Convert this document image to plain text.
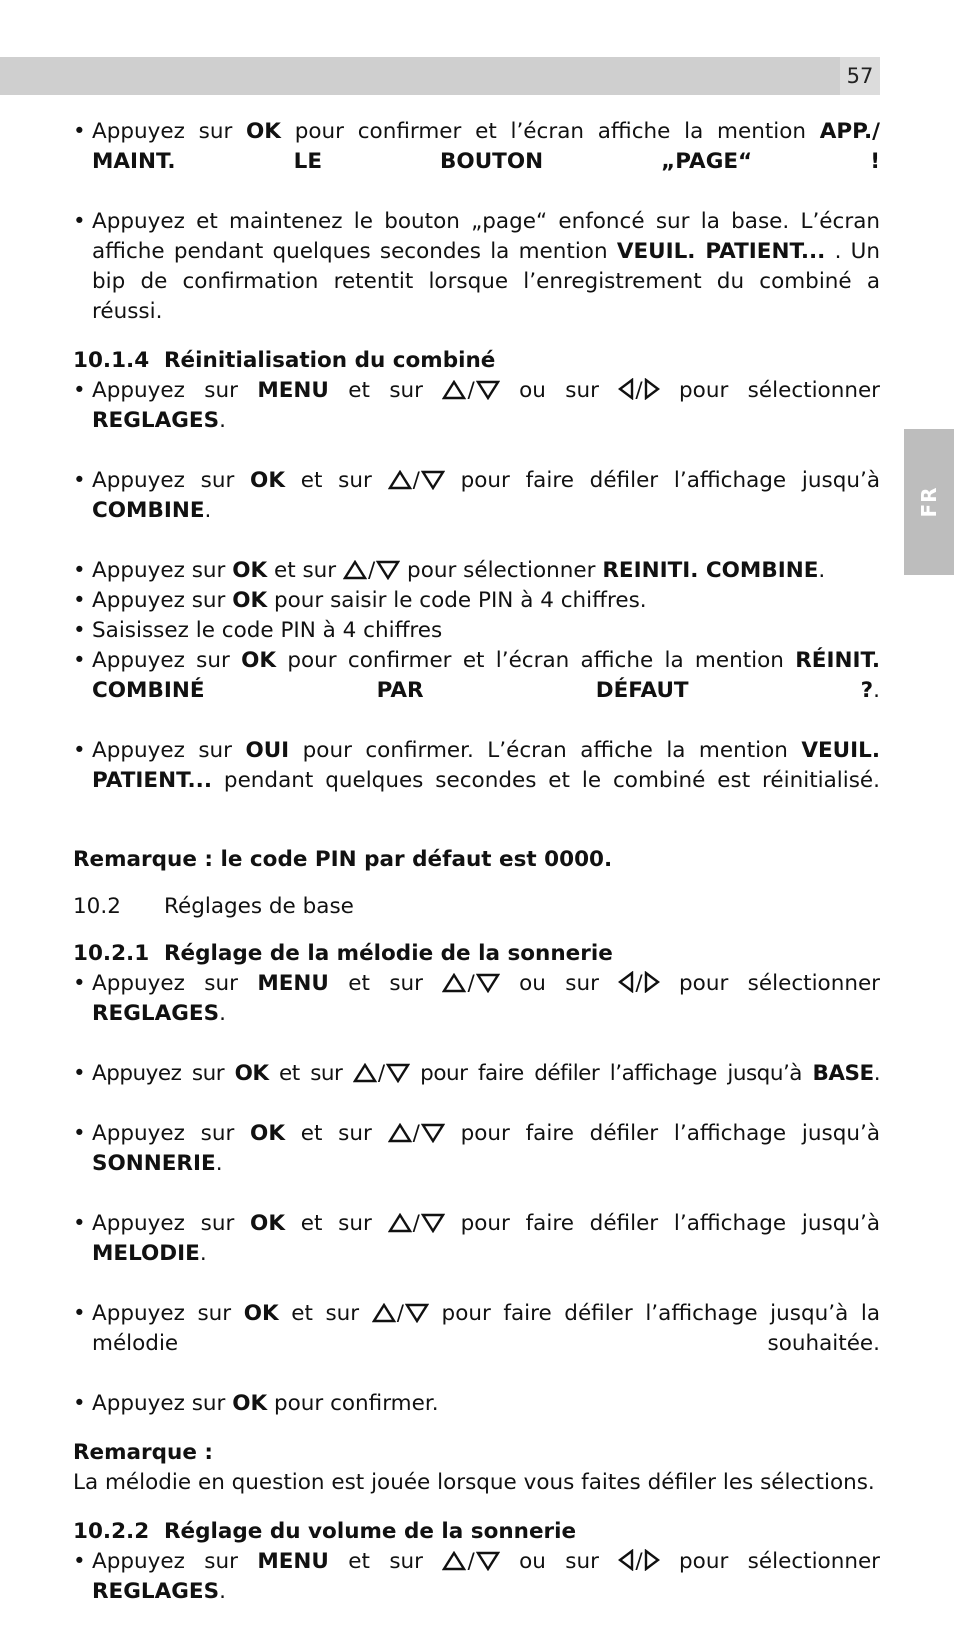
57
FR
• Appuyez sur OK pour confirmer et l’écran affiche la mention APP./ MAINT. LE BOUTON „PAGE“ !
• Appuyez et maintenez le bouton „page“ enfoncé sur la base. L’écran affiche pendant quelques secondes la mention VEUIL. PATIENT... . Un bip de confirmation retentit lorsque l’enregistrement du combiné a réussi.
10.1.4 Réinitialisation du combiné
• Appuyez sur MENU et sur / ou sur / pour sélectionner REGLAGES.
• Appuyez sur OK et sur / pour faire défiler l’affichage jusqu’à COMBINE.
• Appuyez sur OK et sur / pour sélectionner REINITI. COMBINE.
• Appuyez sur OK pour saisir le code PIN à 4 chiffres.
• Saisissez le code PIN à 4 chiffres
• Appuyez sur OK pour confirmer et l’écran affiche la mention RÉINIT. COMBINÉ PAR DÉFAUT ?.
• Appuyez sur OUI pour confirmer. L’écran affiche la mention VEUIL. PATIENT... pendant quelques secondes et le combiné est réinitialisé.
Remarque : le code PIN par défaut est 0000.
10.2 Réglages de base
10.2.1 Réglage de la mélodie de la sonnerie
• Appuyez sur MENU et sur / ou sur / pour sélectionner REGLAGES.
• Appuyez sur OK et sur / pour faire défiler l’affichage jusqu’à BASE.
• Appuyez sur OK et sur / pour faire défiler l’affichage jusqu’à SONNERIE.
• Appuyez sur OK et sur / pour faire défiler l’affichage jusqu’à MELODIE.
• Appuyez sur OK et sur / pour faire défiler l’affichage jusqu’à la mélodie souhaitée.
• Appuyez sur OK pour confirmer.
Remarque :
La mélodie en question est jouée lorsque vous faites défiler les sélections.
10.2.2 Réglage du volume de la sonnerie
• Appuyez sur MENU et sur / ou sur / pour sélectionner REGLAGES.
